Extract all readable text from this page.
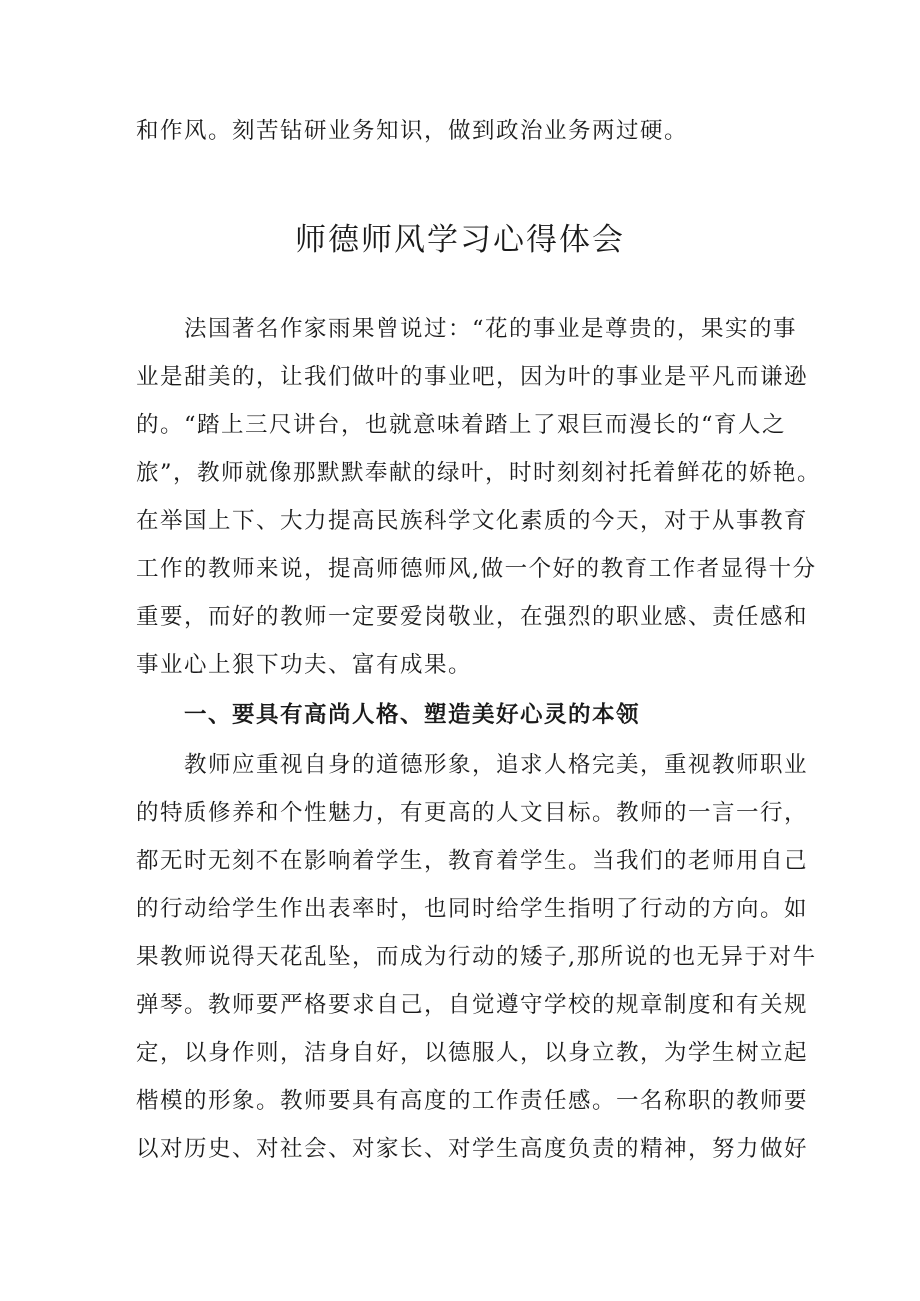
和作风。刻苦钻研业务知识，做到政治业务两过硬。
师德师风学习心得体会
法国著名作家雨果曾说过：“花的事业是尊贵的，果实的事
业是甜美的，让我们做叶的事业吧，因为叶的事业是平凡而谦逊
的。“踏上三尺讲台，也就意味着踏上了艰巨而漫长的“育人之
旅”，教师就像那默默奉献的绿叶，时时刻刻衬托着鲜花的娇艳。
在举国上下、大力提高民族科学文化素质的今天，对于从事教育
工作的教师来说，提高师德师风,做一个好的教育工作者显得十分
重要，而好的教师一定要爱岗敬业，在强烈的职业感、责任感和
事业心上狠下功夫、富有成果。
一、要具有高尚人格、塑造美好心灵的本领
教师应重视自身的道德形象，追求人格完美，重视教师职业
的特质修养和个性魅力，有更高的人文目标。教师的一言一行，
都无时无刻不在影响着学生，教育着学生。当我们的老师用自己
的行动给学生作出表率时，也同时给学生指明了行动的方向。如
果教师说得天花乱坠，而成为行动的矮子,那所说的也无异于对牛
弹琴。教师要严格要求自己，自觉遵守学校的规章制度和有关规
定，以身作则，洁身自好，以德服人，以身立教，为学生树立起
楷模的形象。教师要具有高度的工作责任感。一名称职的教师要
以对历史、对社会、对家长、对学生高度负责的精神，努力做好
